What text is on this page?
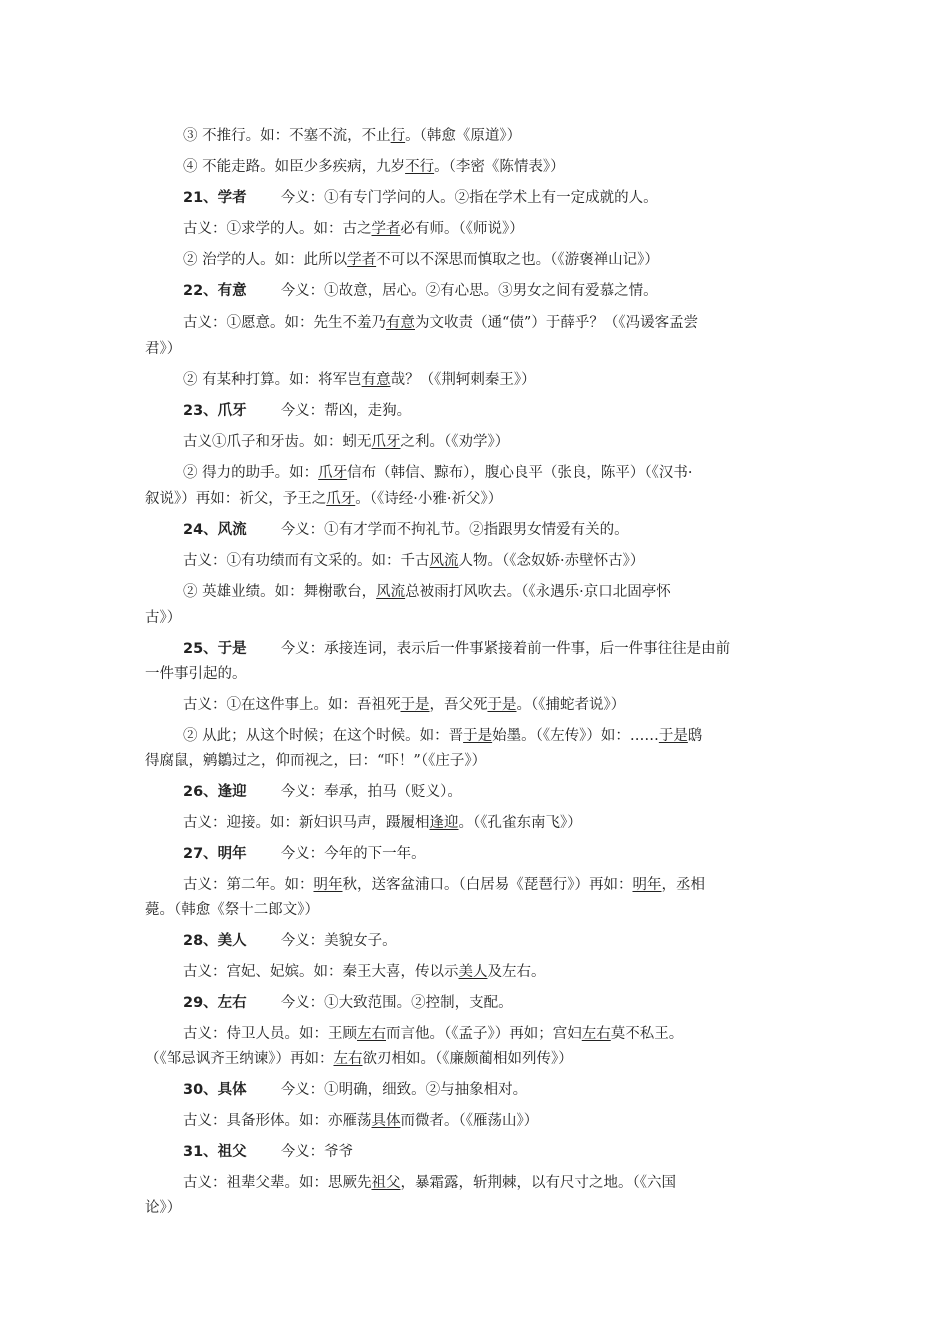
③ 不推行。如：不塞不流，不止行。（韩愈《原道》）
④ 不能走路。如臣少多疾病，九岁不行。（李密《陈情表》）
21、学者 今义：①有专门学问的人。②指在学术上有一定成就的人。
古义：①求学的人。如：古之学者必有师。（《师说》）
② 治学的人。如：此所以学者不可以不深思而慎取之也。（《游褒禅山记》）
22、有意 今义：①故意，居心。②有心思。③男女之间有爱慕之情。
古义：①愿意。如：先生不羞乃有意为文收责（通“债”）于薛乎？（《冯谖客孟尝
君》）
② 有某种打算。如：将军岂有意哉？（《荆轲刺秦王》）
23、爪牙 今义：帮凶，走狗。
古义①爪子和牙齿。如：蚓无爪牙之利。（《劝学》）
② 得力的助手。如：爪牙信布（韩信、黥布），腹心良平（张良，陈平）（《汉书·
叙说》）再如：祈父，予王之爪牙。（《诗经·小雅·祈父》）
24、风流 今义：①有才学而不拘礼节。②指跟男女情爱有关的。
古义：①有功绩而有文采的。如：千古风流人物。（《念奴娇·赤壁怀古》）
② 英雄业绩。如：舞榭歌台，风流总被雨打风吹去。（《永遇乐·京口北固亭怀
古》）
25、于是 今义：承接连词，表示后一件事紧接着前一件事，后一件事往往是由前
一件事引起的。
古义：①在这件事上。如：吾祖死于是，吾父死于是。（《捕蛇者说》）
② 从此；从这个时候；在这个时候。如：晋于是始墨。（《左传》）如：……于是鸱
得腐鼠，鹓鶵过之，仰而视之，曰：“吓！”（《庄子》）
26、逢迎 今义：奉承，拍马（贬义）。
古义：迎接。如：新妇识马声，蹑履相逢迎。（《孔雀东南飞》）
27、明年 今义：今年的下一年。
古义：第二年。如：明年秋，送客盆浦口。（白居易《琵琶行》）再如：明年，丞相
薨。（韩愈《祭十二郎文》）
28、美人 今义：美貌女子。
古义：宫妃、妃嫔。如：秦王大喜，传以示美人及左右。
29、左右 今义：①大致范围。②控制，支配。
古义：侍卫人员。如：王顾左右而言他。（《孟子》）再如；宫妇左右莫不私王。
（《邹忌讽齐王纳谏》）再如：左右欲刃相如。（《廉颇蔺相如列传》）
30、具体 今义：①明确，细致。②与抽象相对。
古义：具备形体。如：亦雁荡具体而微者。（《雁荡山》）
31、祖父 今义：爷爷
古义：祖辈父辈。如：思厥先祖父，暴霜露，斩荆棘，以有尺寸之地。（《六国
论》）
